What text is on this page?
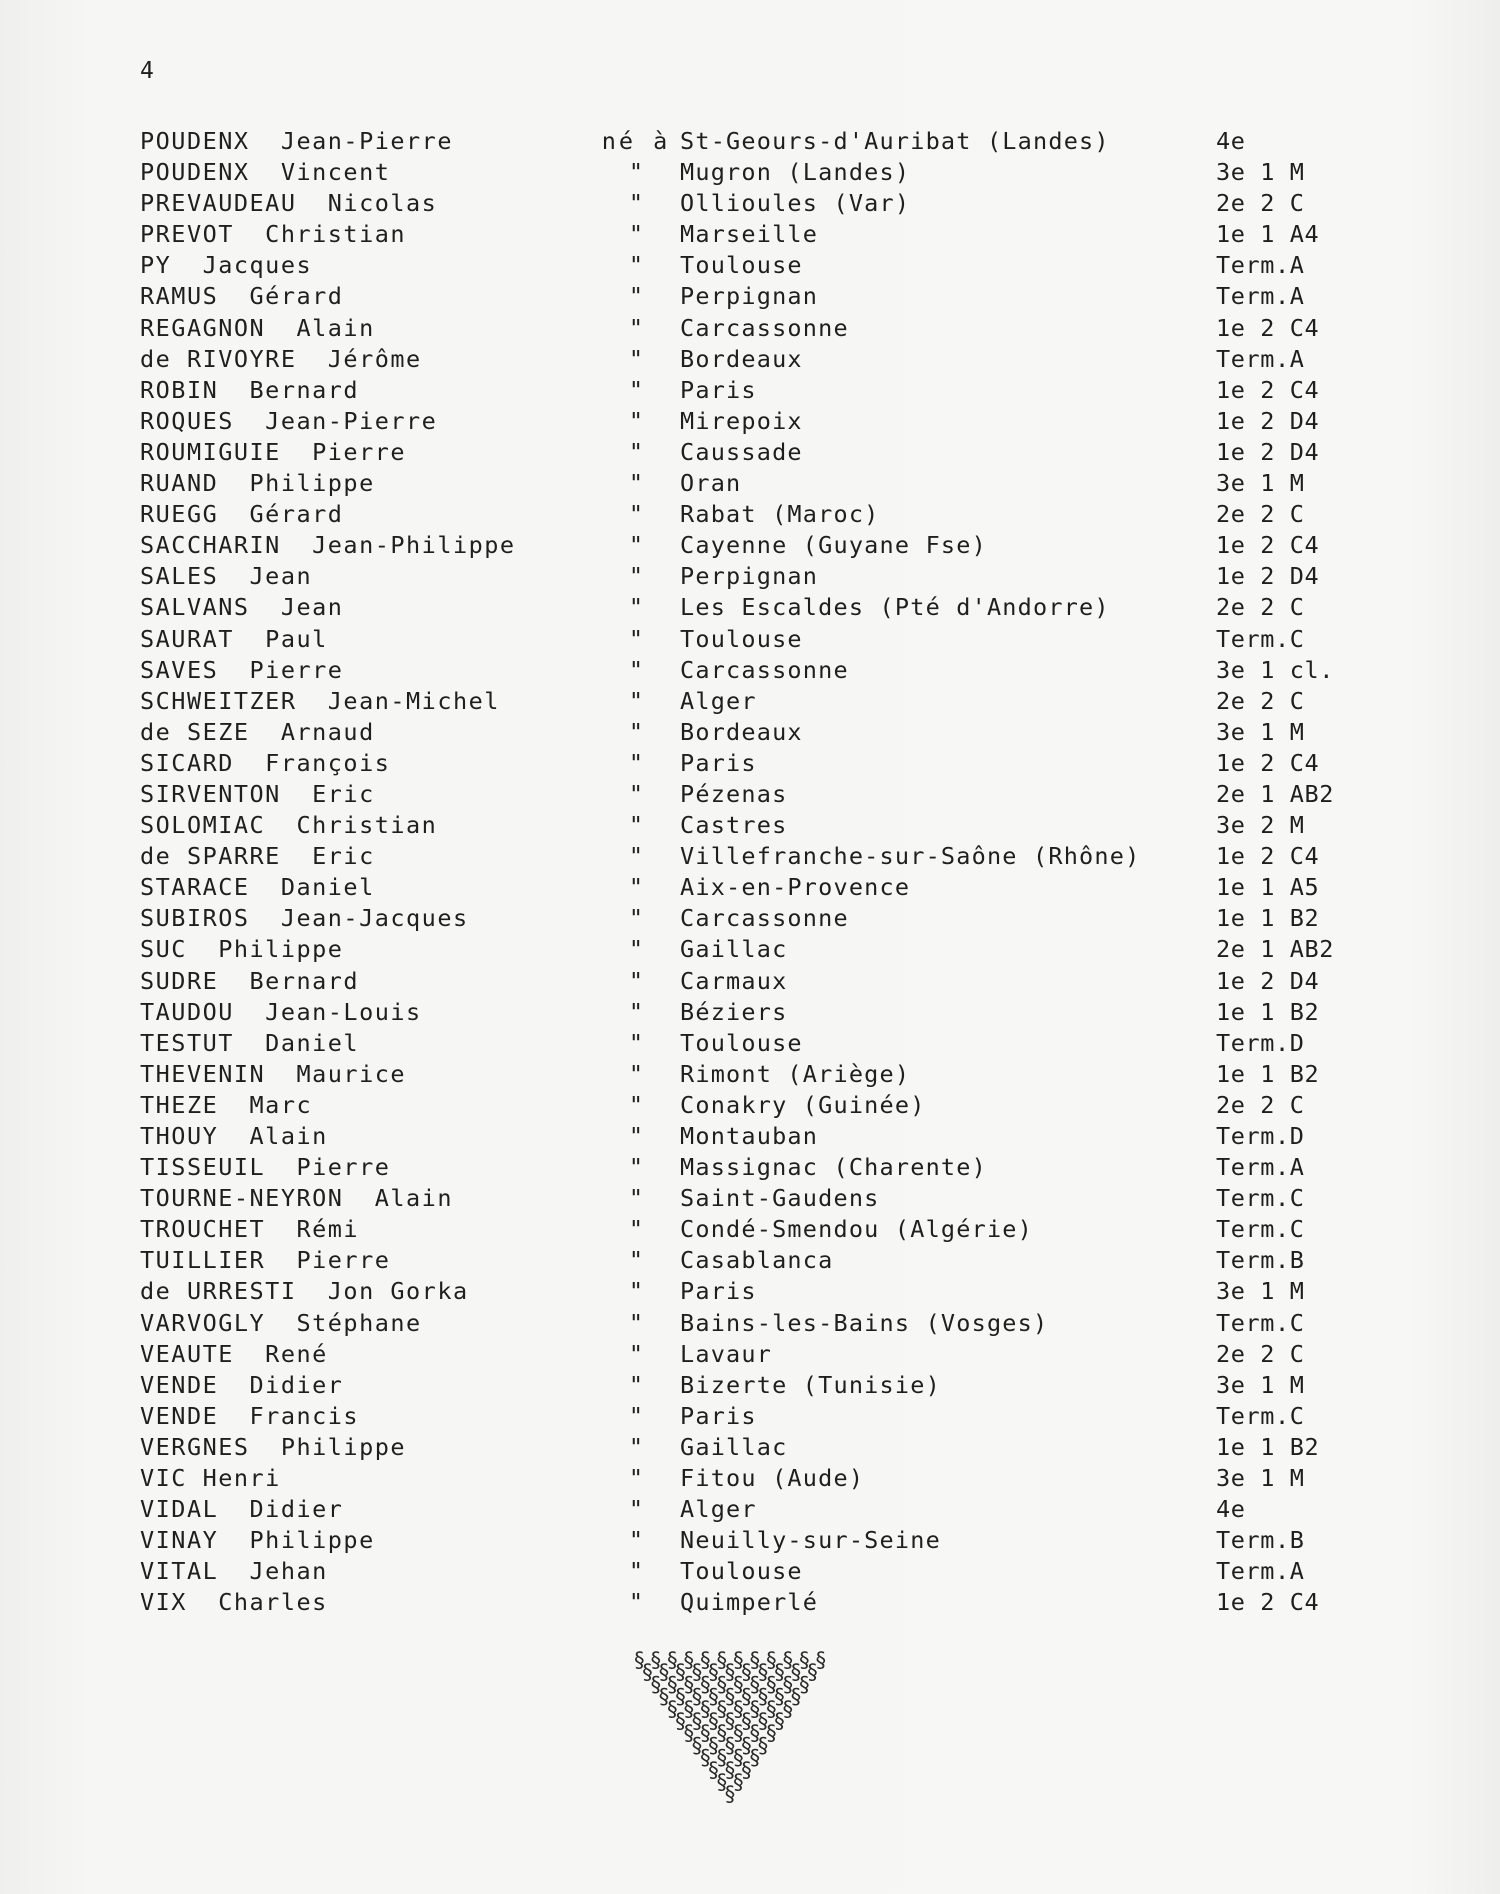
4
POUDENX  Jean-Pierre	né à St-Geours-d'Auribat (Landes)	4e
POUDENX  Vincent	"	Mugron (Landes)	3e 1 M
PREVAUDEAU  Nicolas	"	Ollioules (Var)	2e 2 C
PREVOT  Christian	"	Marseille	1e 1 A4
PY  Jacques	"	Toulouse	Term.A
RAMUS  Gérard	"	Perpignan	Term.A
REGAGNON  Alain	"	Carcassonne	1e 2 C4
de RIVOYRE  Jérôme	"	Bordeaux	Term.A
ROBIN  Bernard	"	Paris	1e 2 C4
ROQUES  Jean-Pierre	"	Mirepoix	1e 2 D4
ROUMIGUIE  Pierre	"	Caussade	1e 2 D4
RUAND  Philippe	"	Oran	3e 1 M
RUEGG  Gérard	"	Rabat (Maroc)	2e 2 C
SACCHARIN  Jean-Philippe	"	Cayenne (Guyane Fse)	1e 2 C4
SALES  Jean	"	Perpignan	1e 2 D4
SALVANS  Jean	"	Les Escaldes (Pté d'Andorre)	2e 2 C
SAURAT  Paul	"	Toulouse	Term.C
SAVES  Pierre	"	Carcassonne	3e 1 cl.
SCHWEITZER  Jean-Michel	"	Alger	2e 2 C
de SEZE  Arnaud	"	Bordeaux	3e 1 M
SICARD  François	"	Paris	1e 2 C4
SIRVENTON  Eric	"	Pézenas	2e 1 AB2
SOLOMIAC  Christian	"	Castres	3e 2 M
de SPARRE  Eric	"	Villefranche-sur-Saône (Rhône)	1e 2 C4
STARACE  Daniel	"	Aix-en-Provence	1e 1 A5
SUBIROS  Jean-Jacques	"	Carcassonne	1e 1 B2
SUC  Philippe	"	Gaillac	2e 1 AB2
SUDRE  Bernard	"	Carmaux	1e 2 D4
TAUDOU  Jean-Louis	"	Béziers	1e 1 B2
TESTUT  Daniel	"	Toulouse	Term.D
THEVENIN  Maurice	"	Rimont (Ariège)	1e 1 B2
THEZE  Marc	"	Conakry (Guinée)	2e 2 C
THOUY  Alain	"	Montauban	Term.D
TISSEUIL  Pierre	"	Massignac (Charente)	Term.A
TOURNE-NEYRON  Alain	"	Saint-Gaudens	Term.C
TROUCHET  Rémi	"	Condé-Smendou (Algérie)	Term.C
TUILLIER  Pierre	"	Casablanca	Term.B
de URRESTI  Jon Gorka	"	Paris	3e 1 M
VARVOGLY  Stéphane	"	Bains-les-Bains (Vosges)	Term.C
VEAUTE  René	"	Lavaur	2e 2 C
VENDE  Didier	"	Bizerte (Tunisie)	3e 1 M
VENDE  Francis	"	Paris	Term.C
VERGNES  Philippe	"	Gaillac	1e 1 B2
VIC Henri	"	Fitou (Aude)	3e 1 M
VIDAL  Didier	"	Alger	4e
VINAY  Philippe	"	Neuilly-sur-Seine	Term.B
VITAL  Jehan	"	Toulouse	Term.A
VIX  Charles	"	Quimperlé	1e 2 C4
§ § § § § § § § § § § §
§ § § § § § § § § § §
§ § § § § § § § § §
§ § § § § § § § §
§ § § § § § § §
§ § § § § § §
§ § § § § §
§ § § § §
§ § § §
§ § §
§ §
§
